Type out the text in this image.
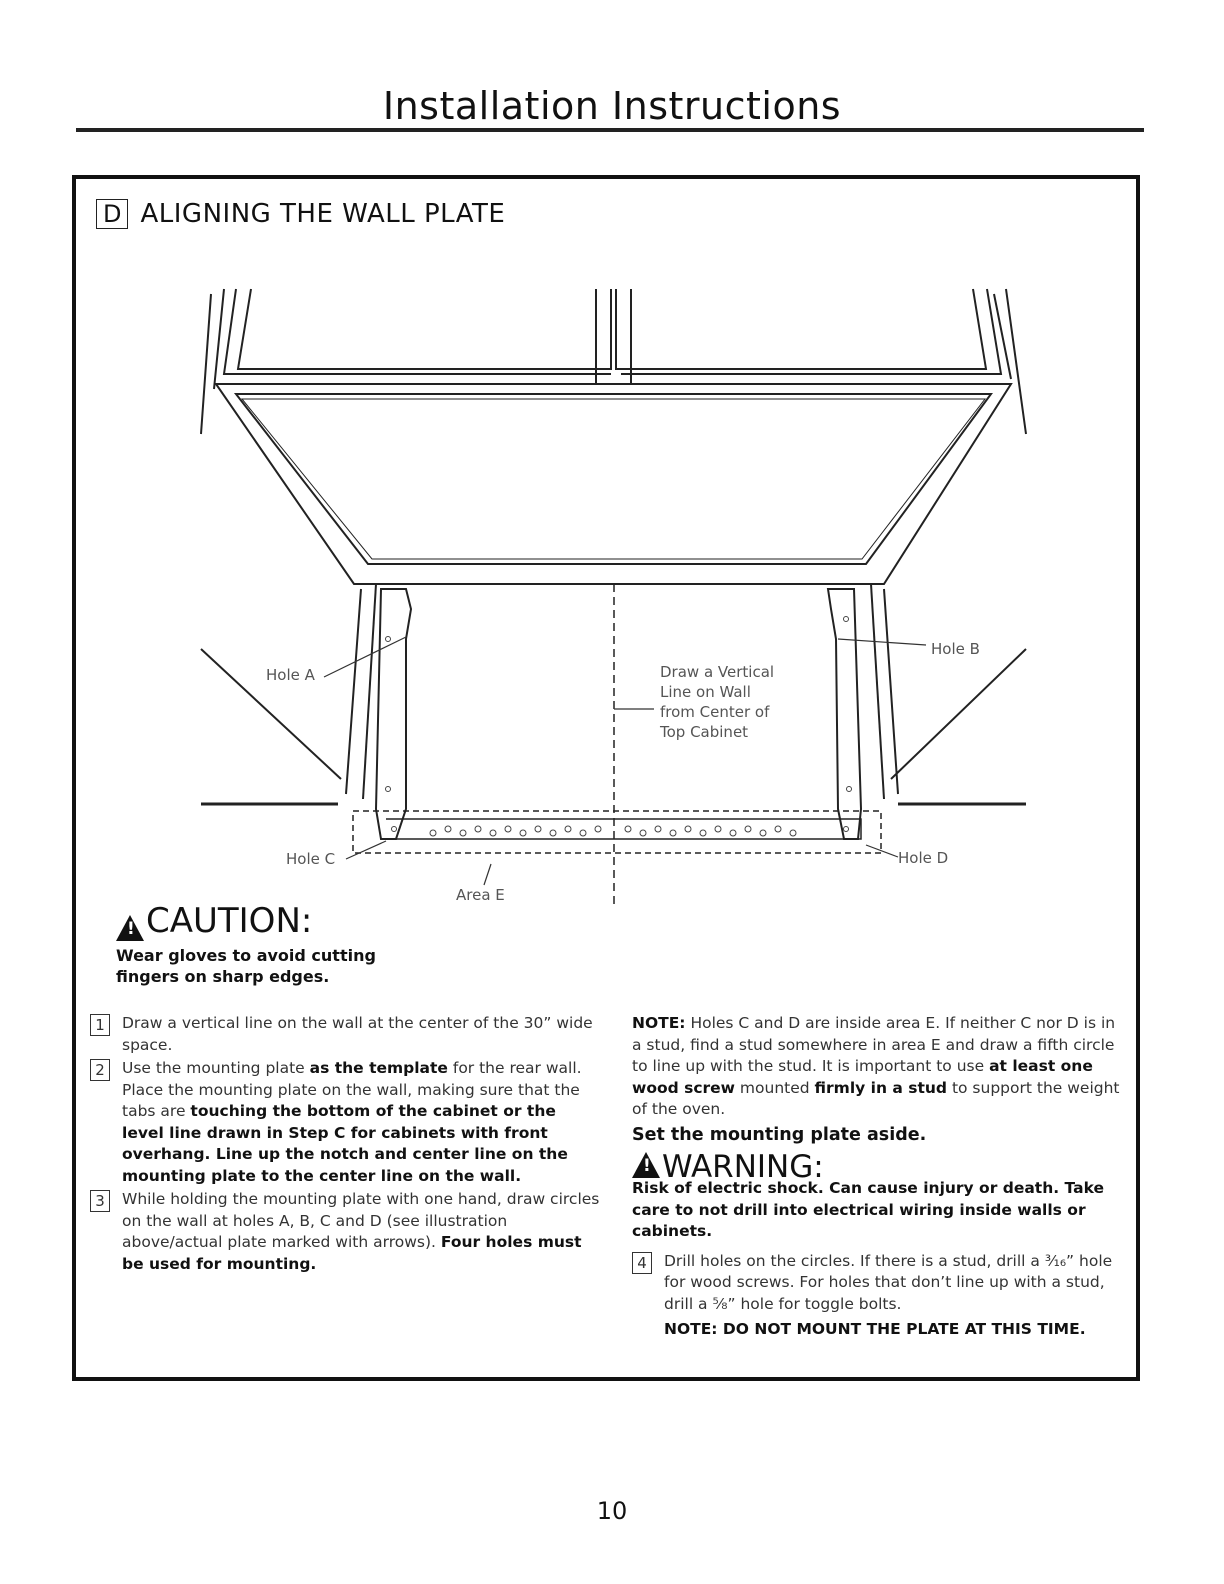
Installation Instructions
D ALIGNING THE WALL PLATE
Hole A
Hole B
Hole C	Hole D
Area E
Draw a Vertical
Line on Wall
from Center of
Top Cabinet
!
CAUTION:
Wear gloves to avoid cutting fingers on sharp edges.
1	Draw a vertical line on the wall at the center of the 30” wide space.
2	Use the mounting plate as the template for the rear wall. Place the mounting plate on the wall, making sure that the tabs are touching the bottom of the cabinet or the level line drawn in Step C for cabinets with front overhang. Line up the notch and center line on the mounting plate to the center line on the wall.
3	While holding the mounting plate with one hand, draw circles on the wall at holes A, B, C and D (see illustration above/actual plate marked with arrows). Four holes must be used for mounting.
NOTE: Holes C and D are inside area E. If neither C nor D is in a stud, find a stud somewhere in area E and draw a fifth circle to line up with the stud. It is important to use at least one wood screw mounted firmly in a stud to support the weight of the oven.
Set the mounting plate aside.
!
WARNING:
Risk of electric shock. Can cause injury or death. Take care to not drill into electrical wiring inside walls or cabinets.
4	Drill holes on the circles. If there is a stud, drill a ³⁄₁₆” hole for wood screws. For holes that don’t line up with a stud, drill a ⁵⁄₈” hole for toggle bolts.
NOTE: DO NOT MOUNT THE PLATE AT THIS TIME.
10
